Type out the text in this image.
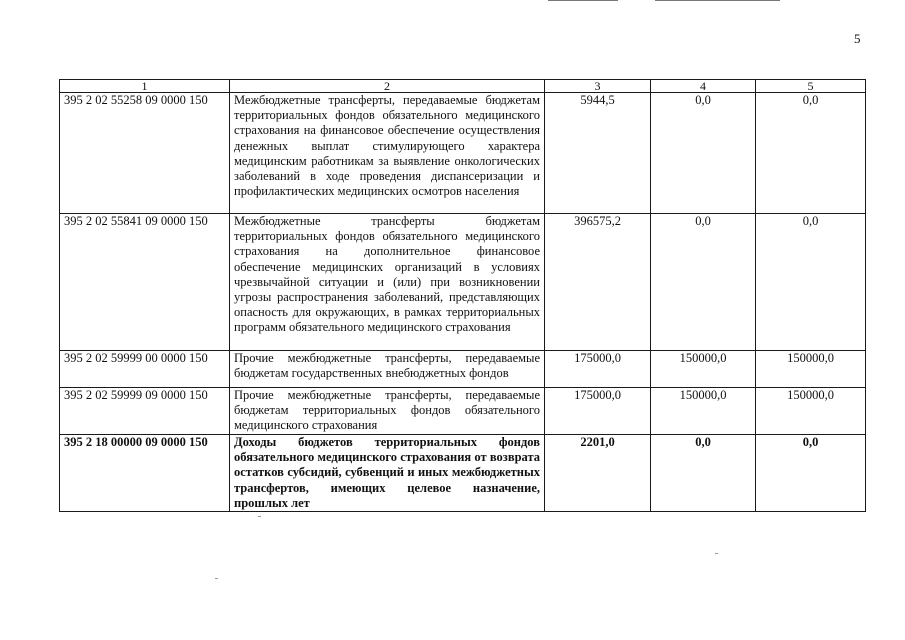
5
1	2	3	4	5
395 2 02 55258 09 0000 150	Межбюджетные трансферты, передаваемые бюджетам территориальных фондов обязательного медицинского страхования на финансовое обеспечение осуществления денежных выплат стимулирующего характера медицинским работникам за выявление онкологических заболеваний в ходе проведения диспансеризации и профилактических медицинских осмотров населения	5944,5	0,0	0,0
395 2 02 55841 09 0000 150	Межбюджетные трансферты бюджетам территориальных фондов обязательного медицинского страхования на дополнительное финансовое обеспечение медицинских организаций в условиях чрезвычайной ситуации и (или) при возникновении угрозы распространения заболеваний, представляющих опасность для окружающих, в рамках территориальных программ обязательного медицинского страхования	396575,2	0,0	0,0
395 2 02 59999 00 0000 150	Прочие межбюджетные трансферты, передаваемые бюджетам государственных внебюджетных фондов	175000,0	150000,0	150000,0
395 2 02 59999 09 0000 150	Прочие межбюджетные трансферты, передаваемые бюджетам территориальных фондов обязательного медицинского страхования	175000,0	150000,0	150000,0
395 2 18 00000 09 0000 150	Доходы бюджетов территориальных фондов обязательного медицинского страхования от возврата остатков субсидий, субвенций и иных межбюджетных трансфертов, имеющих целевое назначение, прошлых лет	2201,0	0,0	0,0
